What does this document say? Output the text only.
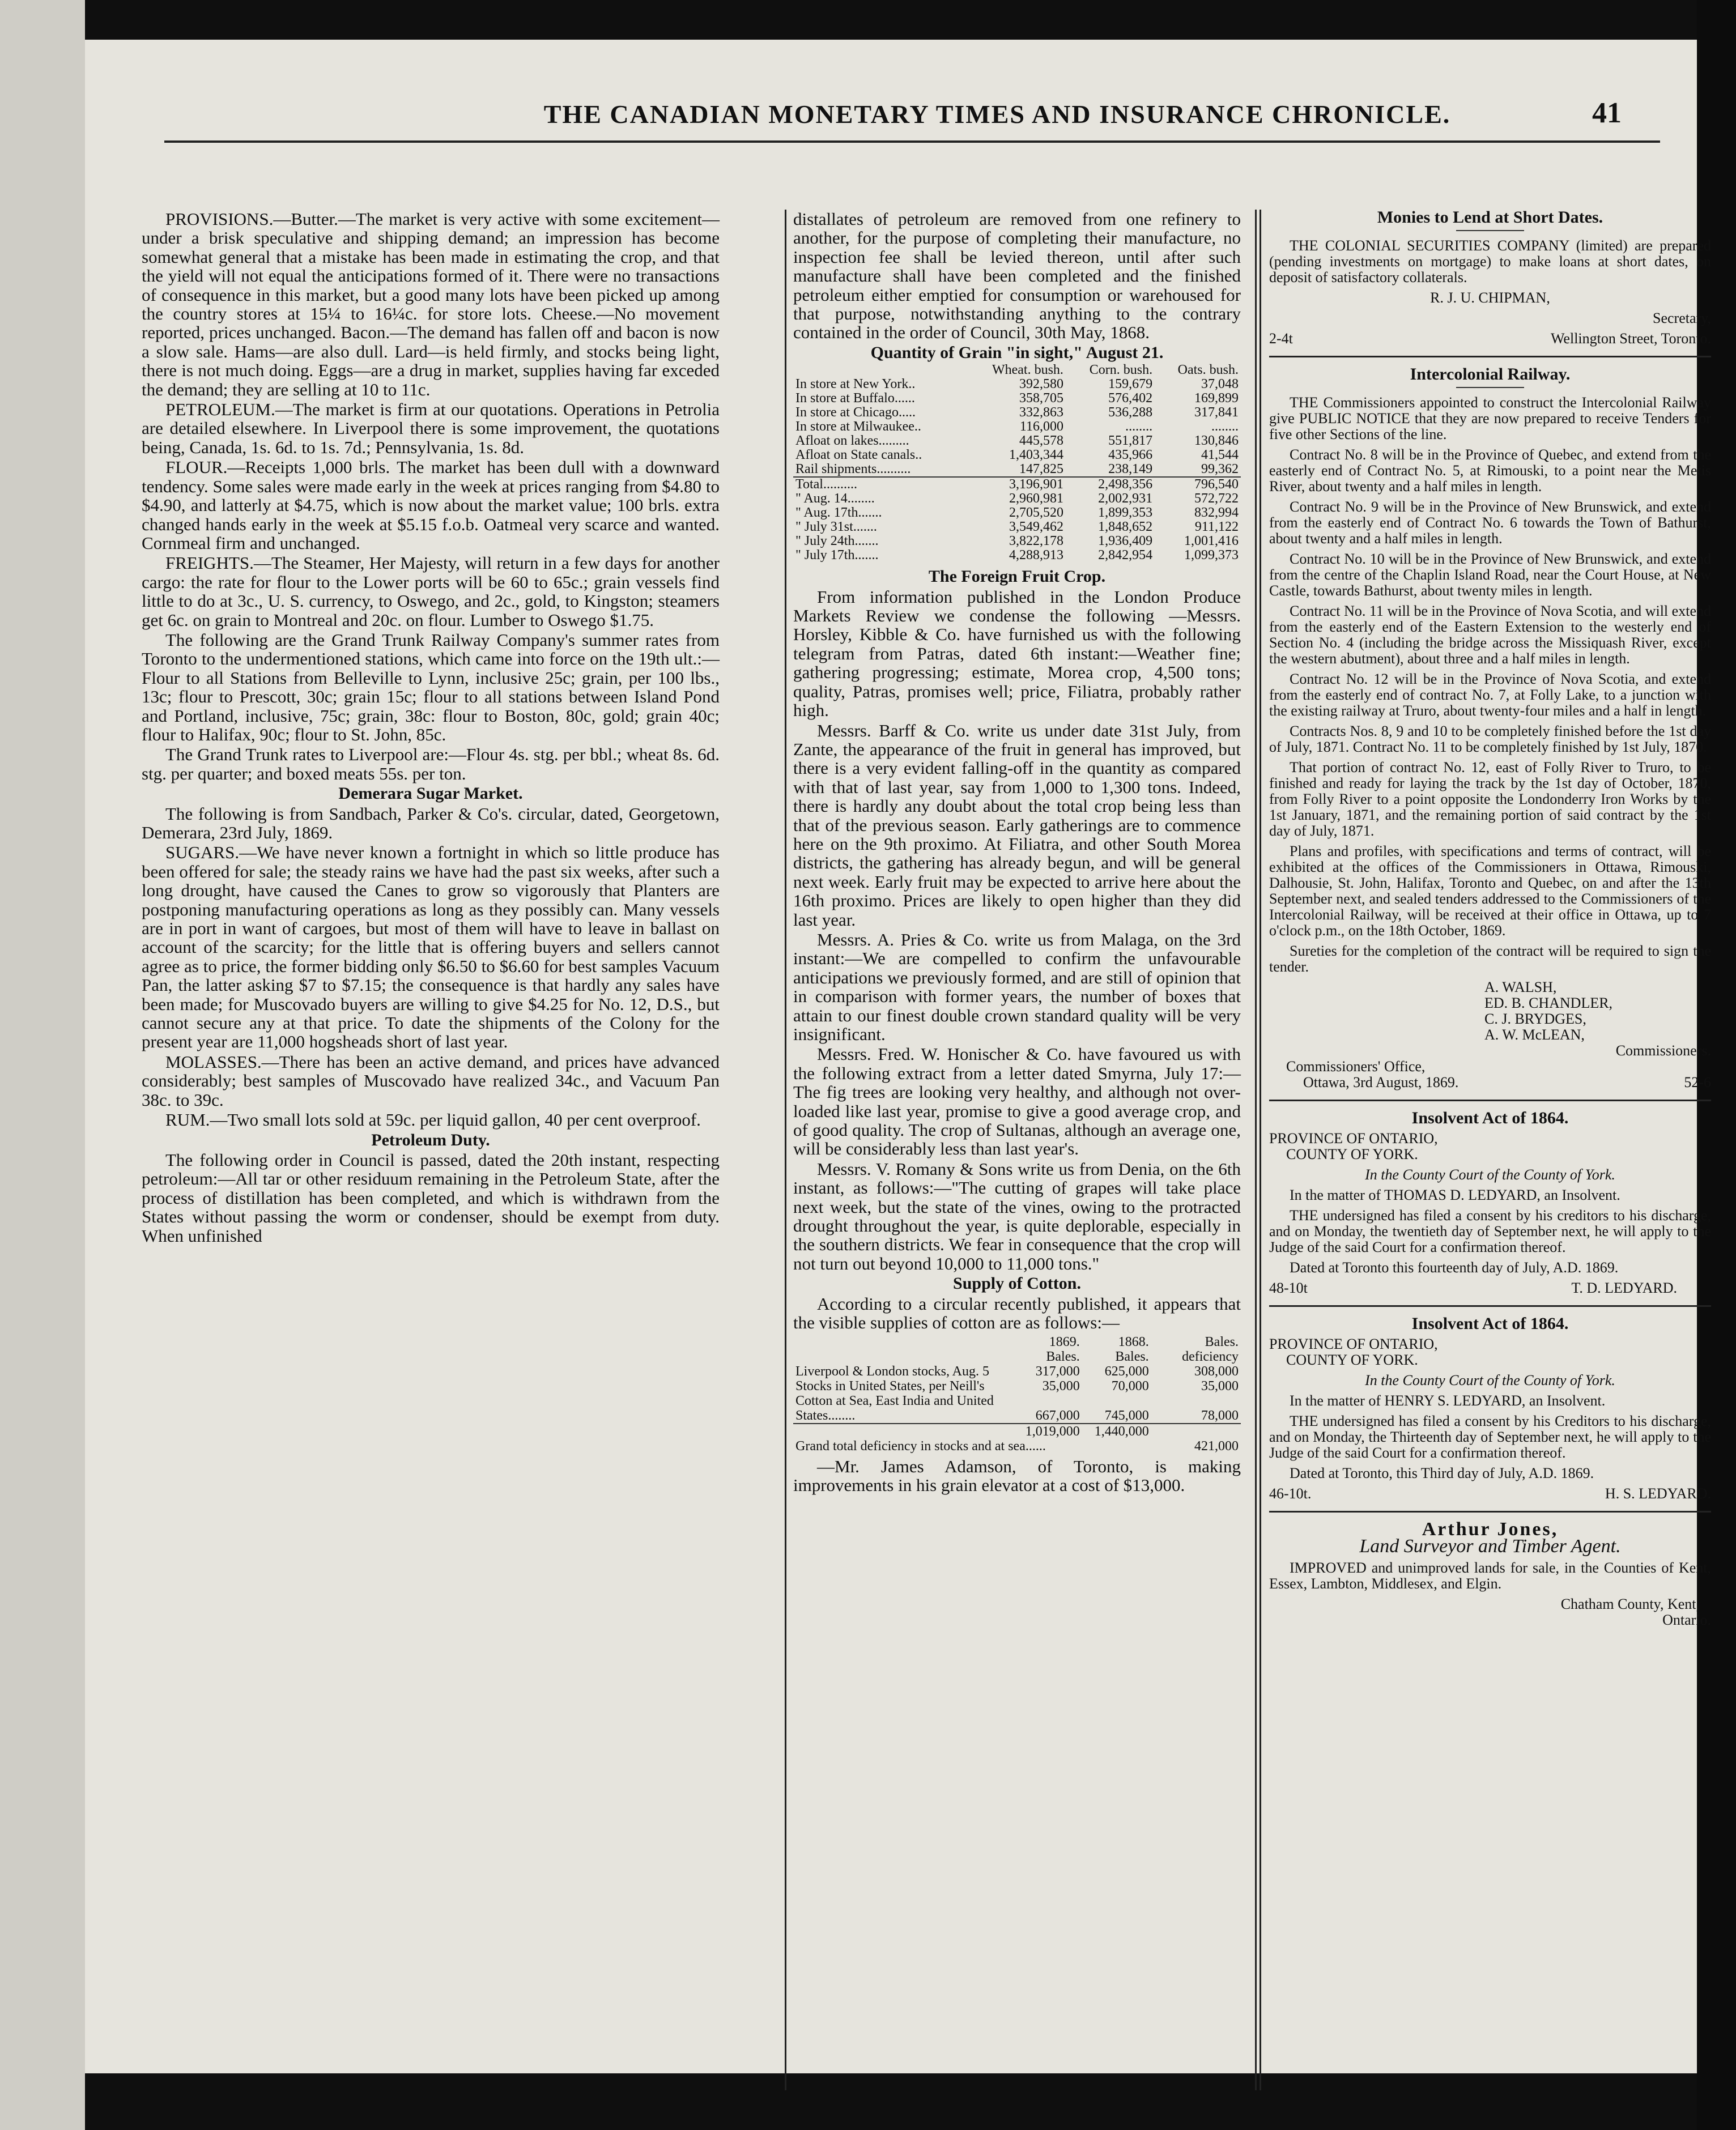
THE CANADIAN MONETARY TIMES AND INSURANCE CHRONICLE.	41

PROVISIONS.—Butter.—The market is very active with some excitement—under a brisk speculative and shipping demand; an impression has become somewhat general that a mistake has been made in estimating the crop, and that the yield will not equal the anticipations formed of it. There were no transactions of consequence in this market, but a good many lots have been picked up among the country stores at 15¼ to 16¼c. for store lots. Cheese.—No movement reported, prices unchanged. Bacon.—The demand has fallen off and bacon is now a slow sale. Hams—are also dull. Lard—is held firmly, and stocks being light, there is not much doing. Eggs—are a drug in market, supplies having far exceded the demand; they are selling at 10 to 11c.

PETROLEUM.—The market is firm at our quotations. Operations in Petrolia are detailed elsewhere. In Liverpool there is some improvement, the quotations being, Canada, 1s. 6d. to 1s. 7d.; Pennsylvania, 1s. 8d.

FLOUR.—Receipts 1,000 brls. The market has been dull with a downward tendency. Some sales were made early in the week at prices ranging from $4.80 to $4.90, and latterly at $4.75, which is now about the market value; 100 brls. extra changed hands early in the week at $5.15 f.o.b. Oatmeal very scarce and wanted. Cornmeal firm and unchanged.

FREIGHTS.—The Steamer, Her Majesty, will return in a few days for another cargo: the rate for flour to the Lower ports will be 60 to 65c.; grain vessels find little to do at 3c., U. S. currency, to Oswego, and 2c., gold, to Kingston; steamers get 6c. on grain to Montreal and 20c. on flour. Lumber to Oswego $1.75.

The following are the Grand Trunk Railway Company's summer rates from Toronto to the undermentioned stations, which came into force on the 19th ult.:—Flour to all Stations from Belleville to Lynn, inclusive 25c; grain, per 100 lbs., 13c; flour to Prescott, 30c; grain 15c; flour to all stations between Island Pond and Portland, inclusive, 75c; grain, 38c: flour to Boston, 80c, gold; grain 40c; flour to Halifax, 90c; flour to St. John, 85c.

The Grand Trunk rates to Liverpool are:—Flour 4s. stg. per bbl.; wheat 8s. 6d. stg. per quarter; and boxed meats 55s. per ton.

Demerara Sugar Market.

The following is from Sandbach, Parker & Co's. circular, dated, Georgetown, Demerara, 23rd July, 1869.

SUGARS.—We have never known a fortnight in which so little produce has been offered for sale; the steady rains we have had the past six weeks, after such a long drought, have caused the Canes to grow so vigorously that Planters are postponing manufacturing operations as long as they possibly can. Many vessels are in port in want of cargoes, but most of them will have to leave in ballast on account of the scarcity; for the little that is offering buyers and sellers cannot agree as to price, the former bidding only $6.50 to $6.60 for best samples Vacuum Pan, the latter asking $7 to $7.15; the consequence is that hardly any sales have been made; for Muscovado buyers are willing to give $4.25 for No. 12, D.S., but cannot secure any at that price. To date the shipments of the Colony for the present year are 11,000 hogsheads short of last year.

MOLASSES.—There has been an active demand, and prices have advanced considerably; best samples of Muscovado have realized 34c., and Vacuum Pan 38c. to 39c.

RUM.—Two small lots sold at 59c. per liquid gallon, 40 per cent overproof.

Petroleum Duty.

The following order in Council is passed, dated the 20th instant, respecting petroleum:—All tar or other residuum remaining in the Petroleum State, after the process of distillation has been completed, and which is withdrawn from the States without passing the worm or condenser, should be exempt from duty. When unfinished

distallates of petroleum are removed from one refinery to another, for the purpose of completing their manufacture, no inspection fee shall be levied thereon, until after such manufacture shall have been completed and the finished petroleum either emptied for consumption or warehoused for that purpose, notwithstanding anything to the contrary contained in the order of Council, 30th May, 1868.

Quantity of Grain "in sight," August 21.

	Wheat. bush.	Corn. bush.	Oats. bush.
In store at New York..	392,580	159,679	37,048
In store at Buffalo......	358,705	576,402	169,899
In store at Chicago.....	332,863	536,288	317,841
In store at Milwaukee..	116,000	........	........
Afloat on lakes.........	445,578	551,817	130,846
Afloat on State canals..	1,403,344	435,966	41,544
Rail shipments..........	147,825	238,149	99,362
Total..........	3,196,901	2,498,356	796,540
" Aug. 14........	2,960,981	2,002,931	572,722
" Aug. 17th.......	2,705,520	1,899,353	832,994
" July 31st.......	3,549,462	1,848,652	911,122
" July 24th.......	3,822,178	1,936,409	1,001,416
" July 17th.......	4,288,913	2,842,954	1,099,373

The Foreign Fruit Crop.

From information published in the London Produce Markets Review we condense the following —Messrs. Horsley, Kibble & Co. have furnished us with the following telegram from Patras, dated 6th instant:—Weather fine; gathering progressing; estimate, Morea crop, 4,500 tons; quality, Patras, promises well; price, Filiatra, probably rather high.

Messrs. Barff & Co. write us under date 31st July, from Zante, the appearance of the fruit in general has improved, but there is a very evident falling-off in the quantity as compared with that of last year, say from 1,000 to 1,300 tons. Indeed, there is hardly any doubt about the total crop being less than that of the previous season. Early gatherings are to commence here on the 9th proximo. At Filiatra, and other South Morea districts, the gathering has already begun, and will be general next week. Early fruit may be expected to arrive here about the 16th proximo. Prices are likely to open higher than they did last year.

Messrs. A. Pries & Co. write us from Malaga, on the 3rd instant:—We are compelled to confirm the unfavourable anticipations we previously formed, and are still of opinion that in comparison with former years, the number of boxes that attain to our finest double crown standard quality will be very insignificant.

Messrs. Fred. W. Honischer & Co. have favoured us with the following extract from a letter dated Smyrna, July 17:—The fig trees are looking very healthy, and although not over-loaded like last year, promise to give a good average crop, and of good quality. The crop of Sultanas, although an average one, will be considerably less than last year's.

Messrs. V. Romany & Sons write us from Denia, on the 6th instant, as follows:—"The cutting of grapes will take place next week, but the state of the vines, owing to the protracted drought throughout the year, is quite deplorable, especially in the southern districts. We fear in consequence that the crop will not turn out beyond 10,000 to 11,000 tons."

Supply of Cotton.

According to a circular recently published, it appears that the visible supplies of cotton are as follows:—

	1869. Bales.	1868. Bales.	Bales. deficiency
Liverpool & London stocks, Aug. 5	317,000	625,000	308,000
Stocks in United States, per Neill's	35,000	70,000	35,000
Cotton at Sea, East India and United States........	667,000	745,000	78,000
	1,019,000	1,440,000	
Grand total deficiency in stocks and at sea......			421,000

—Mr. James Adamson, of Toronto, is making improvements in his grain elevator at a cost of $13,000.

Monies to Lend at Short Dates.

THE COLONIAL SECURITIES COMPANY (limited) are prepared (pending investments on mortgage) to make loans at short dates, on deposit of satisfactory collaterals.

R. J. U. CHIPMAN,

Secretary,

2-4t	Wellington Street, Toronto.

Intercolonial Railway.

THE Commissioners appointed to construct the Intercolonial Railway give PUBLIC NOTICE that they are now prepared to receive Tenders for five other Sections of the line.

Contract No. 8 will be in the Province of Quebec, and extend from the easterly end of Contract No. 5, at Rimouski, to a point near the Metis River, about twenty and a half miles in length.

Contract No. 9 will be in the Province of New Brunswick, and extend from the easterly end of Contract No. 6 towards the Town of Bathurst, about twenty and a half miles in length.

Contract No. 10 will be in the Province of New Brunswick, and extend from the centre of the Chaplin Island Road, near the Court House, at New Castle, towards Bathurst, about twenty miles in length.

Contract No. 11 will be in the Province of Nova Scotia, and will extend from the easterly end of the Eastern Extension to the westerly end of Section No. 4 (including the bridge across the Missiquash River, except the western abutment), about three and a half miles in length.

Contract No. 12 will be in the Province of Nova Scotia, and extend from the easterly end of contract No. 7, at Folly Lake, to a junction with the existing railway at Truro, about twenty-four miles and a half in length.

Contracts Nos. 8, 9 and 10 to be completely finished before the 1st day of July, 1871. Contract No. 11 to be completely finished by 1st July, 1870.

That portion of contract No. 12, east of Folly River to Truro, to be finished and ready for laying the track by the 1st day of October, 1870, from Folly River to a point opposite the Londonderry Iron Works by the 1st January, 1871, and the remaining portion of said contract by the 1st day of July, 1871.

Plans and profiles, with specifications and terms of contract, will be exhibited at the offices of the Commissioners in Ottawa, Rimouski, Dalhousie, St. John, Halifax, Toronto and Quebec, on and after the 13th September next, and sealed tenders addressed to the Commissioners of the Intercolonial Railway, will be received at their office in Ottawa, up to 7 o'clock p.m., on the 18th October, 1869.

Sureties for the completion of the contract will be required to sign the tender.

A. WALSH,

ED. B. CHANDLER,

C. J. BRYDGES,

A. W. McLEAN,

Commissioners.

Commissioners' Office,

Ottawa, 3rd August, 1869.	52-6

Insolvent Act of 1864.

PROVINCE OF ONTARIO,

COUNTY OF YORK.

In the County Court of the County of York.

In the matter of THOMAS D. LEDYARD, an Insolvent.

THE undersigned has filed a consent by his creditors to his discharge, and on Monday, the twentieth day of September next, he will apply to the Judge of the said Court for a confirmation thereof.

Dated at Toronto this fourteenth day of July, A.D. 1869.

48-10t	T. D. LEDYARD.

Insolvent Act of 1864.

PROVINCE OF ONTARIO,

COUNTY OF YORK.

In the County Court of the County of York.

In the matter of HENRY S. LEDYARD, an Insolvent.

THE undersigned has filed a consent by his Creditors to his discharge, and on Monday, the Thirteenth day of September next, he will apply to the Judge of the said Court for a confirmation thereof.

Dated at Toronto, this Third day of July, A.D. 1869.

46-10t.	H. S. LEDYARD.

Arthur Jones,
Land Surveyor and Timber Agent.

IMPROVED and unimproved lands for sale, in the Counties of Kent, Essex, Lambton, Middlesex, and Elgin.

Chatham County, Kent,

Ontario.
